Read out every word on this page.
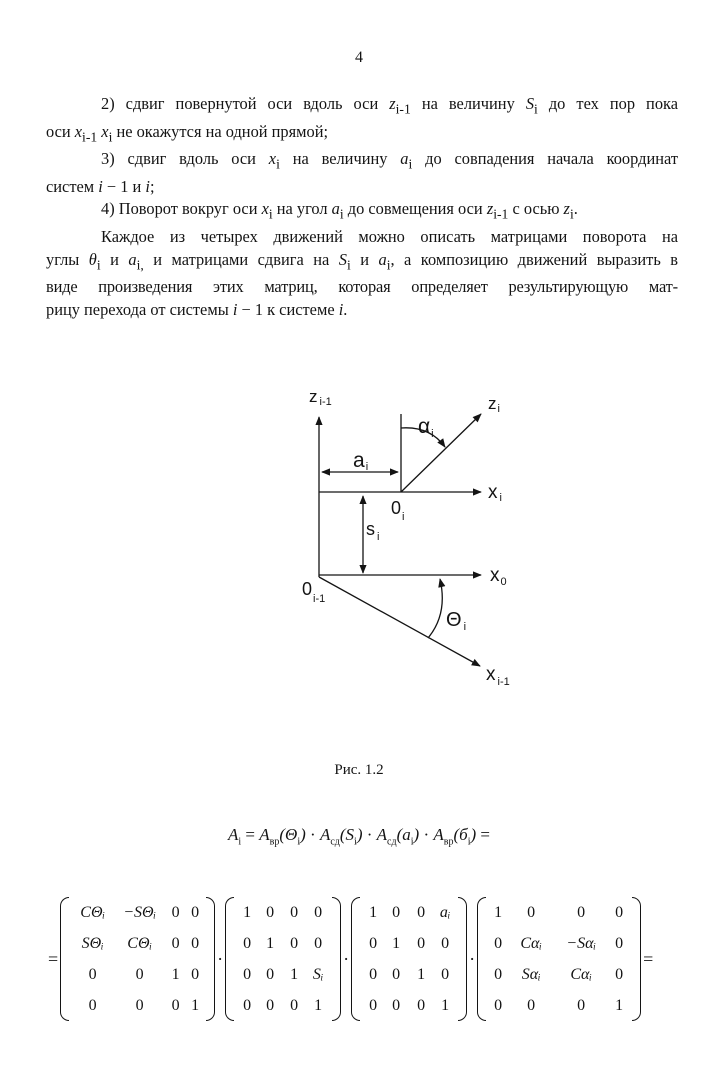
4

2) сдвиг повернутой оси вдоль оси $z_{i-1}$ на величину $S_i$ до тех пор пока

оси $x_{i-1}$ $x_i$ не окажутся на одной прямой;

3) сдвиг вдоль оси $x_i$ на величину $a_i$ до совпадения начала координат

систем i − 1 и i;

4) Поворот вокруг оси $x_i$ на угол $a_i$ до совмещения оси $z_{i-1}$ с осью $z_i$.

Каждое из четырех движений можно описать матрицами поворота на

углы $\theta_i$ и $a_{i,}$ и матрицами сдвига на $S_i$ и $a_i$, а композицию движений выразить в

виде произведения этих матриц, которая определяет результирующую мат-

рицу перехода от системы i − 1 к системе i.

zi-1	zi
αi
ai
xi
$0_i$
s $_i$
$x_0$
$0_{i-1}$
Θ $_i$
x $_{i-1}$
Рис. 1.2
$A_i = A_{вр}(\Theta_i) \cdot A_{сд}(S_i) \cdot A_{сд}(a_i) \cdot A_{вр}(б_i)$ =
=
CΘᵢ	−SΘᵢ 0 0
SΘᵢ	CΘᵢ	0 0
0	0	1 0
0	0	0 1
·
1 0	0	0
0 1	0	0
0 0	1 Sᵢ
0 0	0	1
·
1 0	0 aᵢ
0 1	0	0
0 0	1	0
0 0	0	1
·
1	0	0	0
0	Cαᵢ	−Sαᵢ	0
0	Sαᵢ	Cαᵢ	0
0	0	0	1
=
